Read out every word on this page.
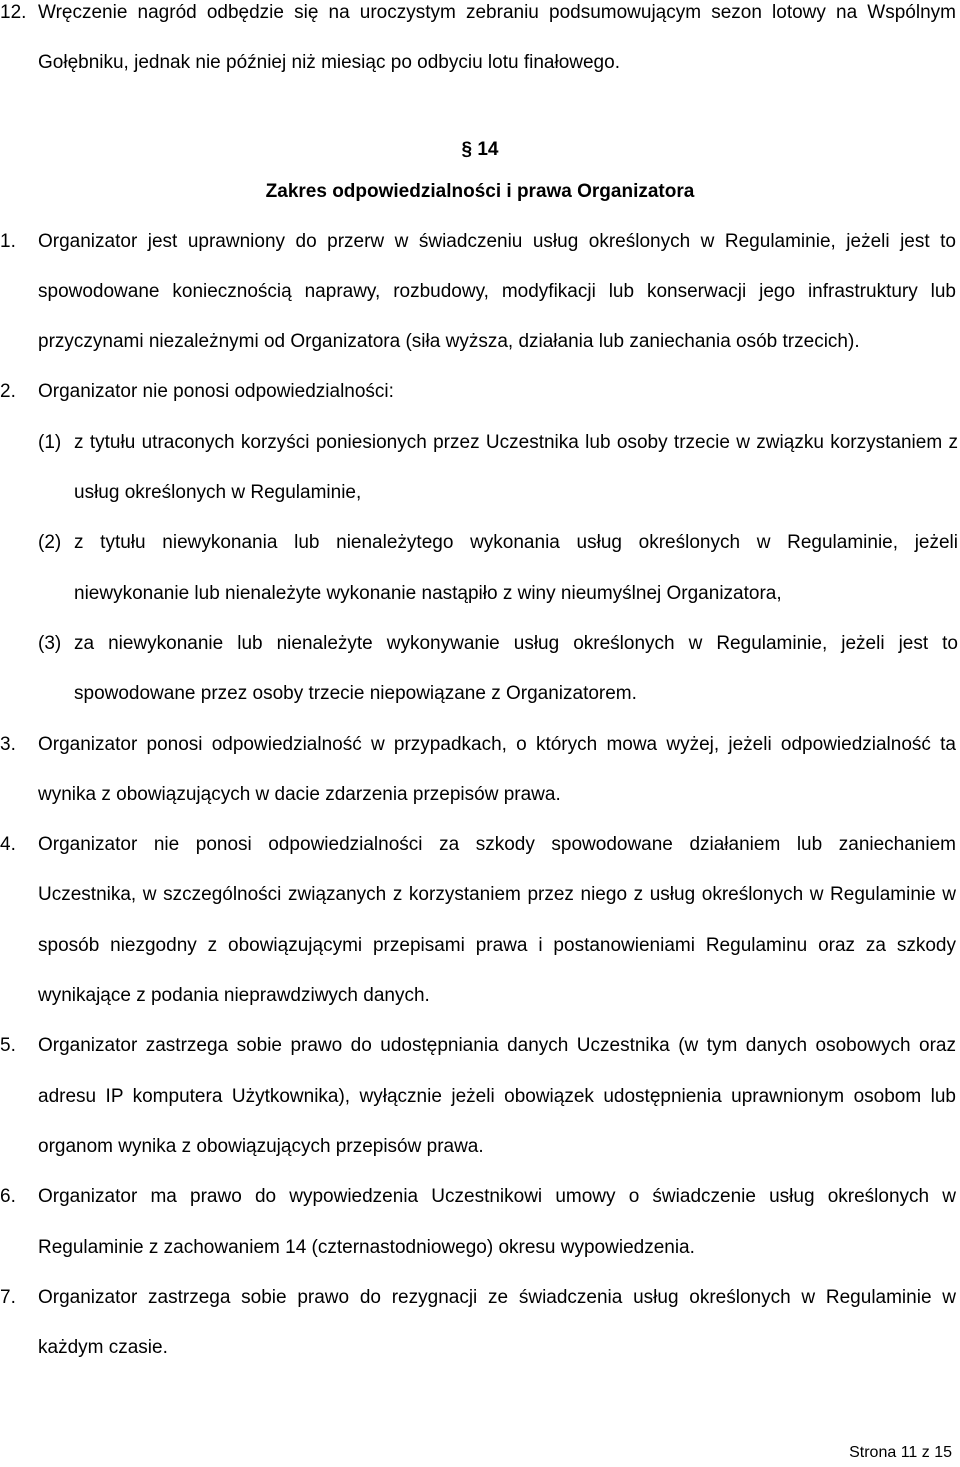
12. Wręczenie nagród odbędzie się na uroczystym zebraniu podsumowującym sezon lotowy na Wspólnym Gołębniku, jednak nie później niż miesiąc po odbyciu lotu finałowego.

§ 14
Zakres odpowiedzialności i prawa Organizatora

1.	Organizator jest uprawniony do przerw w świadczeniu usług określonych w Regulaminie, jeżeli jest to spowodowane koniecznością naprawy, rozbudowy, modyfikacji lub konserwacji jego infrastruktury lub przyczynami niezależnymi od Organizatora (siła wyższa, działania lub zaniechania osób trzecich).

2.	Organizator nie ponosi odpowiedzialności:

(1) z tytułu utraconych korzyści poniesionych przez Uczestnika lub osoby trzecie w związku korzystaniem z usług określonych w Regulaminie,
(2) z tytułu niewykonania lub nienależytego wykonania usług określonych w Regulaminie, jeżeli niewykonanie lub nienależyte wykonanie nastąpiło z winy nieumyślnej Organizatora,
(3) za niewykonanie lub nienależyte wykonywanie usług określonych w Regulaminie, jeżeli jest to spowodowane przez osoby trzecie niepowiązane z Organizatorem.

3.	Organizator ponosi odpowiedzialność w przypadkach, o których mowa wyżej, jeżeli odpowiedzialność ta wynika z obowiązujących w dacie zdarzenia przepisów prawa.

4.	Organizator nie ponosi odpowiedzialności za szkody spowodowane działaniem lub zaniechaniem Uczestnika, w szczególności związanych z korzystaniem przez niego z usług określonych w Regulaminie w sposób niezgodny z obowiązującymi przepisami prawa i postanowieniami Regulaminu oraz za szkody wynikające z podania nieprawdziwych danych.

5.	Organizator zastrzega sobie prawo do udostępniania danych Uczestnika (w tym danych osobowych oraz adresu IP komputera Użytkownika), wyłącznie jeżeli obowiązek udostępnienia uprawnionym osobom lub organom wynika z obowiązujących przepisów prawa.

6.	Organizator ma prawo do wypowiedzenia Uczestnikowi umowy o świadczenie usług określonych w Regulaminie z zachowaniem 14 (czternastodniowego) okresu wypowiedzenia.

7.	Organizator zastrzega sobie prawo do rezygnacji ze świadczenia usług określonych w Regulaminie w każdym czasie.

Strona 11 z 15
